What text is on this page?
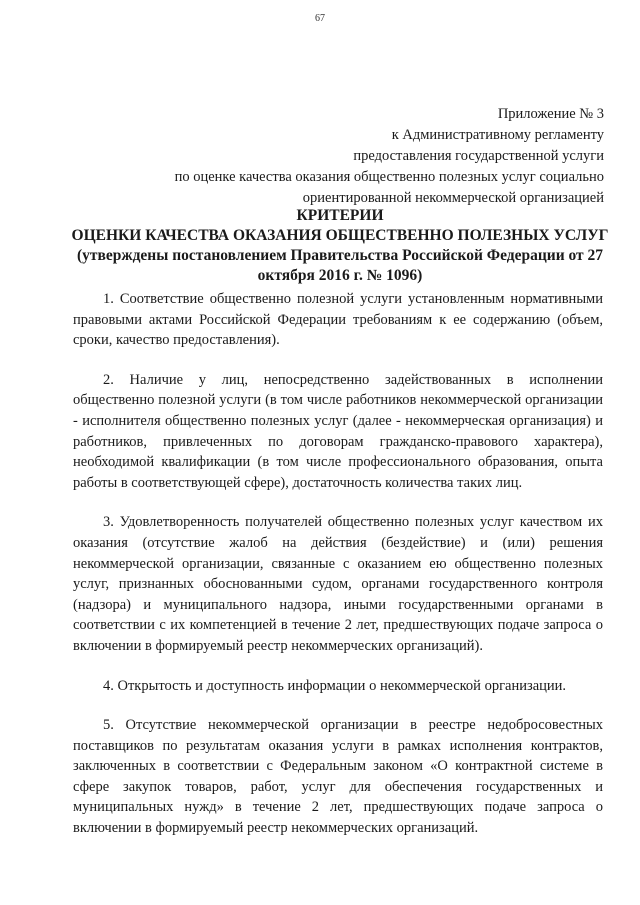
67
Приложение № 3
к Административному регламенту
предоставления государственной услуги
по оценке качества оказания общественно полезных услуг социально
ориентированной некоммерческой организацией
КРИТЕРИИ
ОЦЕНКИ КАЧЕСТВА ОКАЗАНИЯ ОБЩЕСТВЕННО ПОЛЕЗНЫХ УСЛУГ
(утверждены постановлением Правительства Российской Федерации от 27
октября 2016 г. № 1096)

1. Соответствие общественно полезной услуги установленным нормативными правовыми актами Российской Федерации требованиям к ее содержанию (объем, сроки, качество предоставления).

2. Наличие у лиц, непосредственно задействованных в исполнении общественно полезной услуги (в том числе работников некоммерческой организации - исполнителя общественно полезных услуг (далее - некоммерческая организация) и работников, привлеченных по договорам гражданско-правового характера), необходимой квалификации (в том числе профессионального образования, опыта работы в соответствующей сфере), достаточность количества таких лиц.

3. Удовлетворенность получателей общественно полезных услуг качеством их оказания (отсутствие жалоб на действия (бездействие) и (или) решения некоммерческой организации, связанные с оказанием ею общественно полезных услуг, признанных обоснованными судом, органами государственного контроля (надзора) и муниципального надзора, иными государственными органами в соответствии с их компетенцией в течение 2 лет, предшествующих подаче запроса о включении в формируемый реестр некоммерческих организаций).

4. Открытость и доступность информации о некоммерческой организации.

5. Отсутствие некоммерческой организации в реестре недобросовестных поставщиков по результатам оказания услуги в рамках исполнения контрактов, заключенных в соответствии с Федеральным законом «О контрактной системе в сфере закупок товаров, работ, услуг для обеспечения государственных и муниципальных нужд» в течение 2 лет, предшествующих подаче запроса о включении в формируемый реестр некоммерческих организаций.
